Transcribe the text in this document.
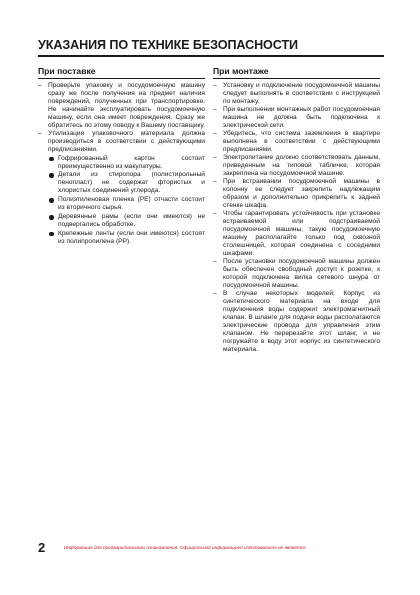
УКАЗАНИЯ ПО ТЕХНИКЕ БЕЗОПАСНОСТИ
При поставке
– Проверьте упаковку и посудомоечную машину сразу же после получения на предмет наличия повреждений, полученных при транспортировке. Не начинайте эксплуатировать посудомоечную машину, если она имеет повреждения. Сразу же обратитесь по этому поводу к Вашему поставщику.
– Утилизация упаковочного материала должна производиться в соответствии с действующими предписаниями.
Гофрированный картон состоит преимущественно из макулатуры.
Детали из стиропора (полистирольный пенопласт) не содержат фтористых и хлористых соединений углерода.
Полиэтиленовая пленка (PE) отчасти состоит из вторичного сырья.
Деревянные рамы (если они имеются) не подвергались обработке.
Крепежные ленты (если они имеются) состоят из полипропилена (PP).
При монтаже
– Установку и подключение посудомоечной машины следует выполнять в соответствии с инструкцией по монтажу.
– При выполнении монтажных работ посудомоечная машина не должна быть подключена к электрической сети.
– Убедитесь, что система заземления в квартире выполнена в соответствии с действующими предписаниями.
– Электропитание должно соответствовать данным, приведенным на типовой табличке, которая закреплена на посудомоечной машине.
– При встраивании посудомоечной машины в колонну ее следует закрепить надлежащим образом и дополнительно прикрепить к задней стенке шкафа.
– Чтобы гарантировать устойчивость при установке встраиваемой или подстраиваемой посудомоечной машины, такую посудомоечную машину располагайте только под сквозной столешницей, которая соединена с соседними шкафами.
– После установки посудомоечной машины должен быть обеспечен свободный доступ к розетке, к которой подключена вилка сетевого шнура от посудомоечной машины.
– В случае некоторых моделей: Корпус из синтетического материала на входе для подключения воды содержит электромагнитный клапан. В шланге для подачи воды располагаются электрические провода для управления этим клапаном. Не перерезайте этот шланг, и не погружайте в воду этот корпус из синтетического материала.
2	Информация для предварительного ознакомления. Официальной информацией изготовителя не является
